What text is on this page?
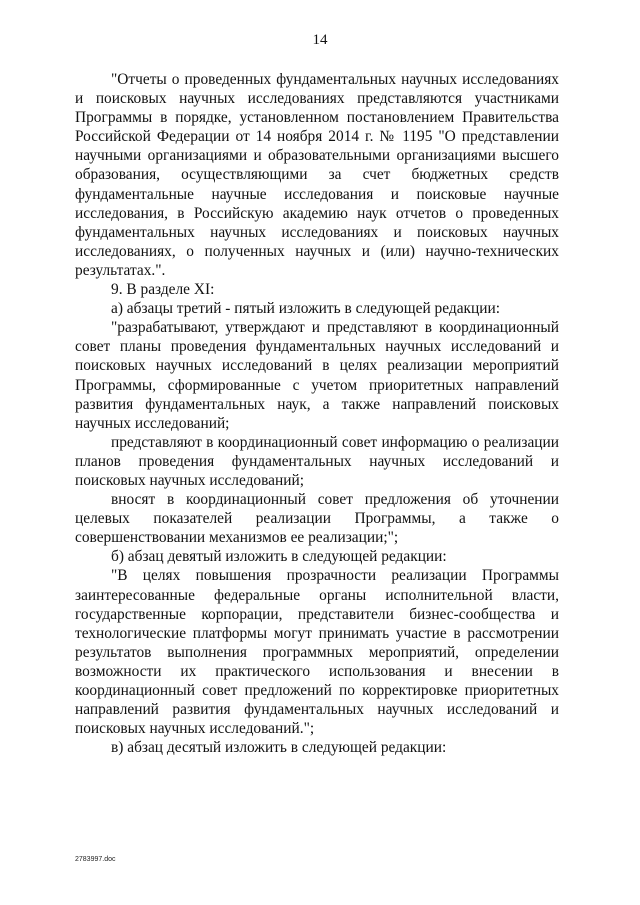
14

"Отчеты о проведенных фундаментальных научных исследованиях и поисковых научных исследованиях представляются участниками Программы в порядке, установленном постановлением Правительства Российской Федерации от 14 ноября 2014 г. № 1195 "О представлении научными организациями и образовательными организациями высшего образования, осуществляющими за счет бюджетных средств фундаментальные научные исследования и поисковые научные исследования, в Российскую академию наук отчетов о проведенных фундаментальных научных исследованиях и поисковых научных исследованиях, о полученных научных и (или) научно-технических результатах.".

9. В разделе XI:

а) абзацы третий - пятый изложить в следующей редакции:

"разрабатывают, утверждают и представляют в координационный совет планы проведения фундаментальных научных исследований и поисковых научных исследований в целях реализации мероприятий Программы, сформированные с учетом приоритетных направлений развития фундаментальных наук, а также направлений поисковых научных исследований;

представляют в координационный совет информацию о реализации планов проведения фундаментальных научных исследований и поисковых научных исследований;

вносят в координационный совет предложения об уточнении целевых показателей реализации Программы, а также о совершенствовании механизмов ее реализации;";

б) абзац девятый изложить в следующей редакции:

"В целях повышения прозрачности реализации Программы заинтересованные федеральные органы исполнительной власти, государственные корпорации, представители бизнес-сообщества и технологические платформы могут принимать участие в рассмотрении результатов выполнения программных мероприятий, определении возможности их практического использования и внесении в координационный совет предложений по корректировке приоритетных направлений развития фундаментальных научных исследований и поисковых научных исследований.";

в) абзац десятый изложить в следующей редакции:

2783997.doc
